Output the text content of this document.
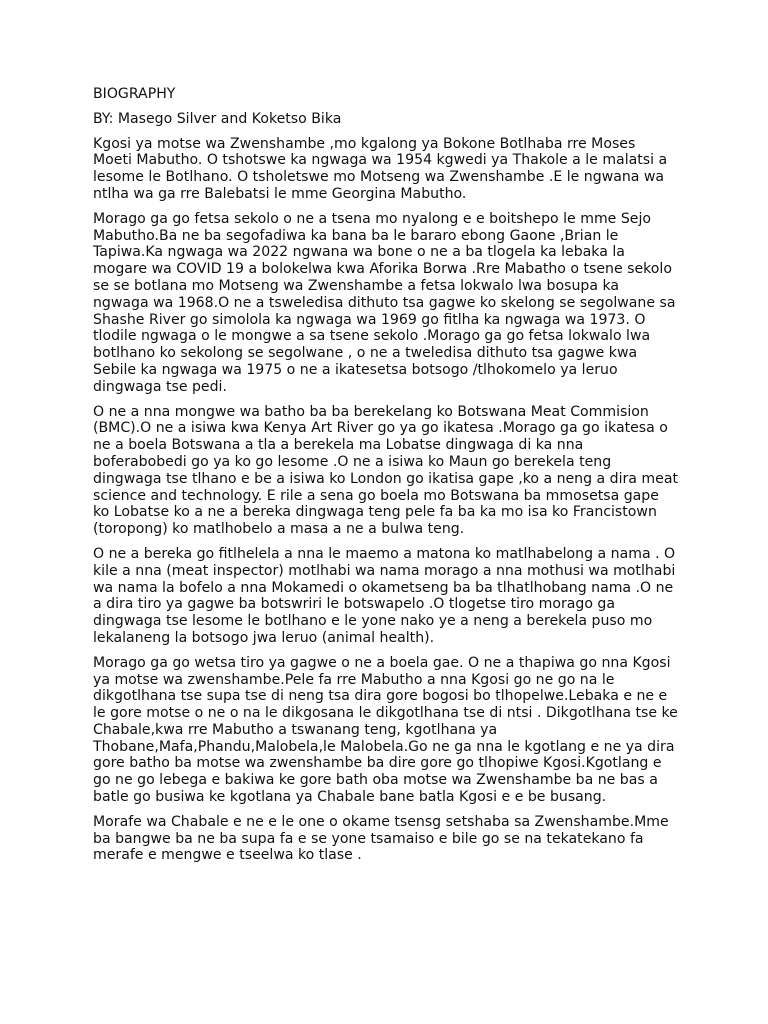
BIOGRAPHY

BY: Masego Silver and Koketso Bika

Kgosi ya motse wa Zwenshambe ,mo kgalong ya Bokone Botlhaba rre Moses Moeti Mabutho. O tshotswe ka ngwaga wa 1954 kgwedi ya Thakole a le malatsi a lesome le Botlhano. O tsholetswe mo Motseng wa Zwenshambe .E le ngwana wa ntlha wa ga rre Balebatsi le mme Georgina Mabutho.

Morago ga go fetsa sekolo o ne a tsena mo nyalong e e boitshepo le mme Sejo Mabutho.Ba ne ba segofadiwa ka bana ba le bararo ebong Gaone ,Brian le Tapiwa.Ka ngwaga wa 2022 ngwana wa bone o ne a ba tlogela ka lebaka la mogare wa COVID 19 a bolokelwa kwa Aforika Borwa .Rre Mabatho o tsene sekolo se se botlana mo Motseng wa Zwenshambe a fetsa lokwalo lwa bosupa ka ngwaga wa 1968.O ne a tsweledisa dithuto tsa gagwe ko skelong se segolwane sa Shashe River go simolola ka ngwaga wa 1969 go fitlha ka ngwaga wa 1973. O tlodile ngwaga o le mongwe a sa tsene sekolo .Morago ga go fetsa lokwalo lwa botlhano ko sekolong se segolwane , o ne a tweledisa dithuto tsa gagwe kwa Sebile ka ngwaga wa 1975 o ne a ikatesetsa botsogo /tlhokomelo ya leruo dingwaga tse pedi.

O ne a nna mongwe wa batho ba ba berekelang ko Botswana Meat Commision (BMC).O ne a isiwa kwa Kenya Art River go ya go ikatesa .Morago ga go ikatesa o ne a boela Botswana a tla a berekela ma Lobatse dingwaga di ka nna boferabobedi go ya ko go lesome .O ne a isiwa ko Maun go berekela teng dingwaga tse tlhano e be a isiwa ko London go ikatisa gape ,ko a neng a dira meat science and technology. E rile a sena go boela mo Botswana ba mmosetsa gape ko Lobatse ko a ne a bereka dingwaga teng pele fa ba ka mo isa ko Francistown (toropong) ko matlhobelo a masa a ne a bulwa teng.

O ne a bereka go fitlhelela a nna le maemo a matona ko matlhabelong a nama . O kile a nna (meat inspector) motlhabi wa nama morago a nna mothusi wa motlhabi wa nama la bofelo a nna Mokamedi o okametseng ba ba tlhatlhobang nama .O ne a dira tiro ya gagwe ba botswriri le botswapelo .O tlogetse tiro morago ga dingwaga tse lesome le botlhano e le yone nako ye a neng a berekela puso mo lekalaneng la botsogo jwa leruo (animal health).

Morago ga go wetsa tiro ya gagwe o ne a boela gae. O ne a thapiwa go nna Kgosi ya motse wa zwenshambe.Pele fa rre Mabutho a nna Kgosi go ne go na le dikgotlhana tse supa tse di neng tsa dira gore bogosi bo tlhopelwe.Lebaka e ne e le gore motse o ne o na le dikgosana le dikgotlhana tse di ntsi . Dikgotlhana tse ke Chabale,kwa rre Mabutho a tswanang teng, kgotlhana ya Thobane,Mafa,Phandu,Malobela,le Malobela.Go ne ga nna le kgotlang e ne ya dira gore batho ba motse wa zwenshambe ba dire gore go tlhopiwe Kgosi.Kgotlang e go ne go lebega e bakiwa ke gore bath oba motse wa Zwenshambe ba ne bas a batle go busiwa ke kgotlana ya Chabale bane batla Kgosi e e be busang.

Morafe wa Chabale e ne e le one o okame tsensg setshaba sa Zwenshambe.Mme ba bangwe ba ne ba supa fa e se yone tsamaiso e bile go se na tekatekano fa merafe e mengwe e tseelwa ko tlase .
